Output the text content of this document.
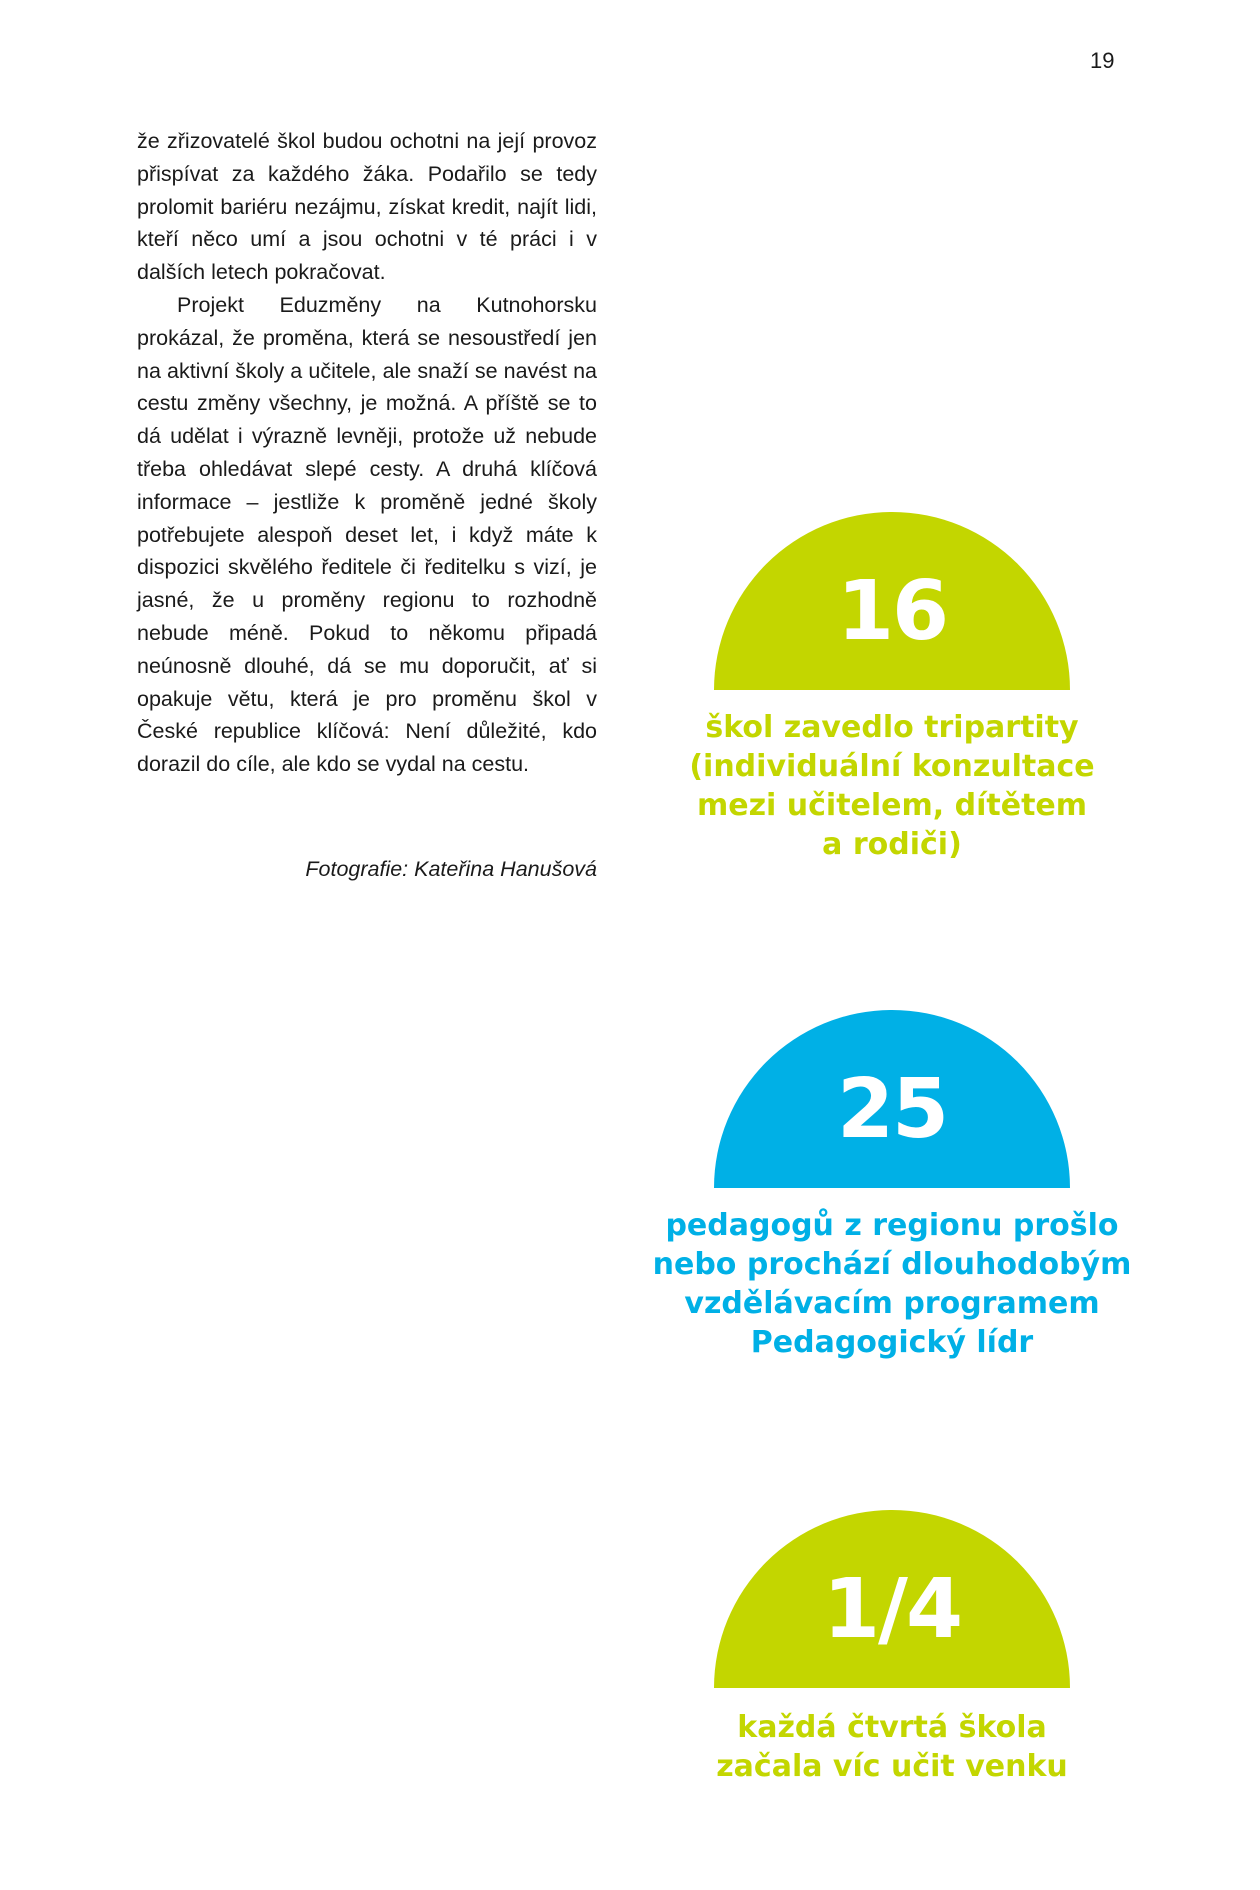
19

že zřizovatelé škol budou ochotni na její provoz přispívat za každého žáka. Podařilo se tedy prolomit bariéru nezájmu, získat kredit, najít lidi, kteří něco umí a jsou ochotni v té práci i v dalších letech pokračovat.

Projekt Eduzměny na Kutnohorsku prokázal, že proměna, která se nesoustředí jen na aktivní školy a učitele, ale snaží se navést na cestu změny všechny, je možná. A příště se to dá udělat i výrazně levněji, protože už nebude třeba ohledávat slepé cesty. A druhá klíčová informace – jestliže k proměně jedné školy potřebujete alespoň deset let, i když máte k dispozici skvělého ředitele či ředitelku s vizí, je jasné, že u proměny regionu to rozhodně nebude méně. Pokud to někomu připadá neúnosně dlouhé, dá se mu doporučit, ať si opakuje větu, která je pro proměnu škol v České republice klíčová: Není důležité, kdo dorazil do cíle, ale kdo se vydal na cestu.

Fotografie: Kateřina Hanušová
16
škol zavedlo tripartity
(individuální konzultace
mezi učitelem, dítětem
a rodiči)
25
pedagogů z regionu prošlo
nebo prochází dlouhodobým
vzdělávacím programem
Pedagogický lídr
1/4
každá čtvrtá škola
začala víc učit venku
